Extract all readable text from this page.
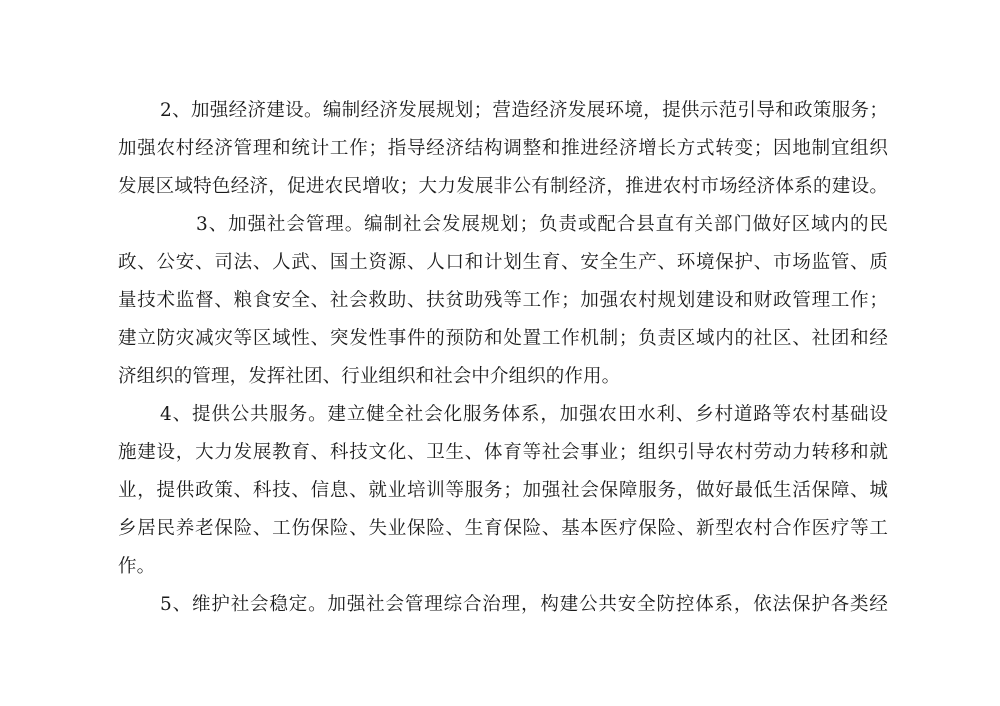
2、加强经济建设。编制经济发展规划；营造经济发展环境，提供示范引导和政策服务；
加强农村经济管理和统计工作；指导经济结构调整和推进经济增长方式转变；因地制宜组织
发展区域特色经济，促进农民增收；大力发展非公有制经济，推进农村市场经济体系的建设。
3、加强社会管理。编制社会发展规划；负责或配合县直有关部门做好区域内的民
政、公安、司法、人武、国土资源、人口和计划生育、安全生产、环境保护、市场监管、质
量技术监督、粮食安全、社会救助、扶贫助残等工作；加强农村规划建设和财政管理工作；
建立防灾减灾等区域性、突发性事件的预防和处置工作机制；负责区域内的社区、社团和经
济组织的管理，发挥社团、行业组织和社会中介组织的作用。
4、提供公共服务。建立健全社会化服务体系，加强农田水利、乡村道路等农村基础设
施建设，大力发展教育、科技文化、卫生、体育等社会事业；组织引导农村劳动力转移和就
业，提供政策、科技、信息、就业培训等服务；加强社会保障服务，做好最低生活保障、城
乡居民养老保险、工伤保险、失业保险、生育保险、基本医疗保险、新型农村合作医疗等工
作。
5、维护社会稳定。加强社会管理综合治理，构建公共安全防控体系，依法保护各类经
